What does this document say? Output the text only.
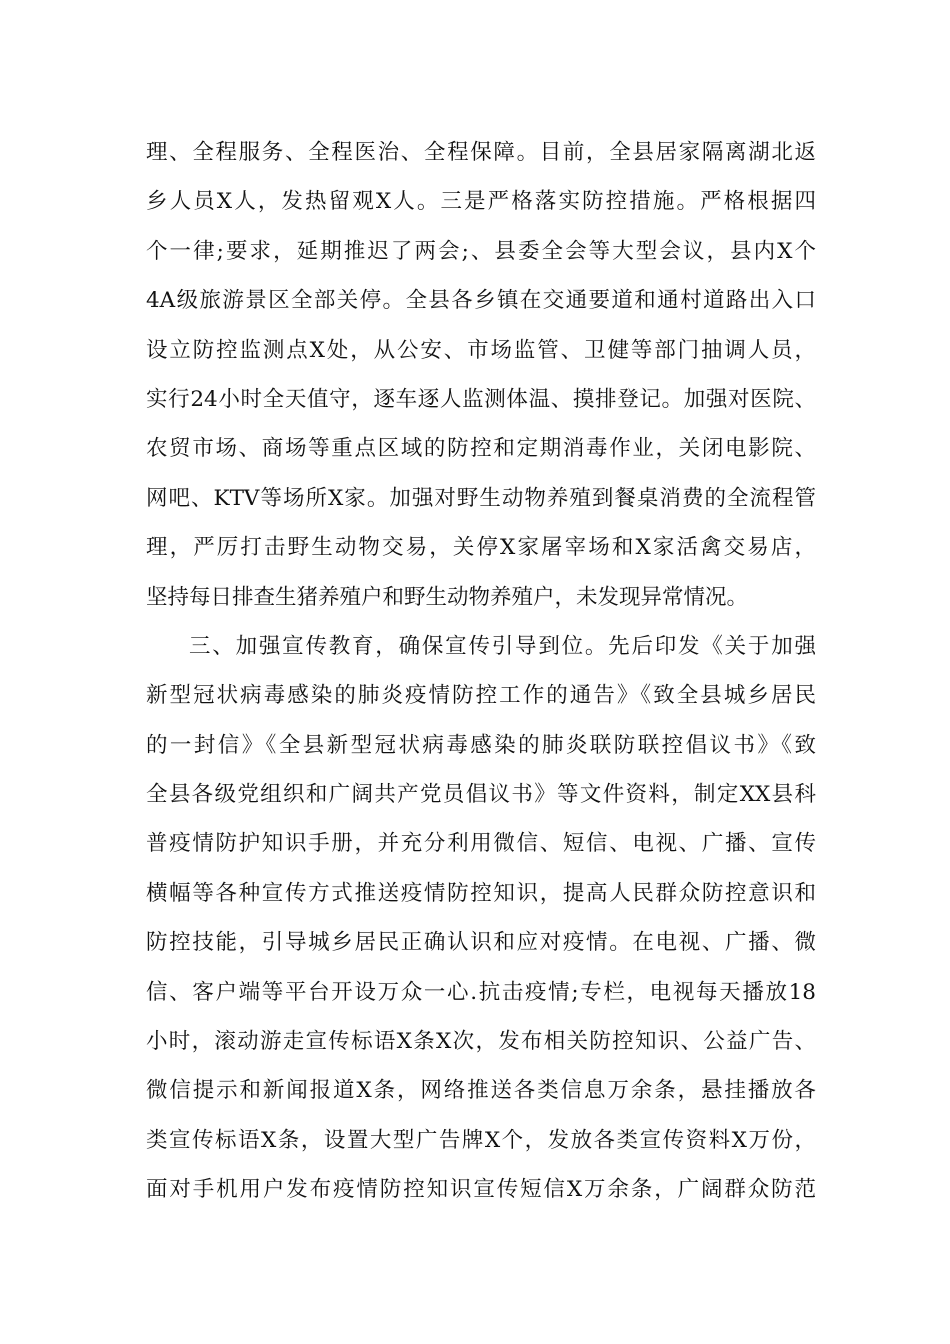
理、全程服务、全程医治、全程保障。目前，全县居家隔离湖北返
乡人员X人，发热留观X人。三是严格落实防控措施。严格根据四
个一律;要求，延期推迟了两会;、县委全会等大型会议，县内X个
4A级旅游景区全部关停。全县各乡镇在交通要道和通村道路出入口
设立防控监测点X处，从公安、市场监管、卫健等部门抽调人员，
实行24小时全天值守，逐车逐人监测体温、摸排登记。加强对医院、
农贸市场、商场等重点区域的防控和定期消毒作业，关闭电影院、
网吧、KTV等场所X家。加强对野生动物养殖到餐桌消费的全流程管
理，严厉打击野生动物交易，关停X家屠宰场和X家活禽交易店，
坚持每日排查生猪养殖户和野生动物养殖户，未发现异常情况。
三、加强宣传教育，确保宣传引导到位。先后印发《关于加强
新型冠状病毒感染的肺炎疫情防控工作的通告》《致全县城乡居民
的一封信》《全县新型冠状病毒感染的肺炎联防联控倡议书》《致
全县各级党组织和广阔共产党员倡议书》等文件资料，制定XX县科
普疫情防护知识手册，并充分利用微信、短信、电视、广播、宣传
横幅等各种宣传方式推送疫情防控知识，提高人民群众防控意识和
防控技能，引导城乡居民正确认识和应对疫情。在电视、广播、微
信、客户端等平台开设万众一心.抗击疫情;专栏，电视每天播放18
小时，滚动游走宣传标语X条X次，发布相关防控知识、公益广告、
微信提示和新闻报道X条，网络推送各类信息万余条，悬挂播放各
类宣传标语X条，设置大型广告牌X个，发放各类宣传资料X万份，
面对手机用户发布疫情防控知识宣传短信X万余条，广阔群众防范
